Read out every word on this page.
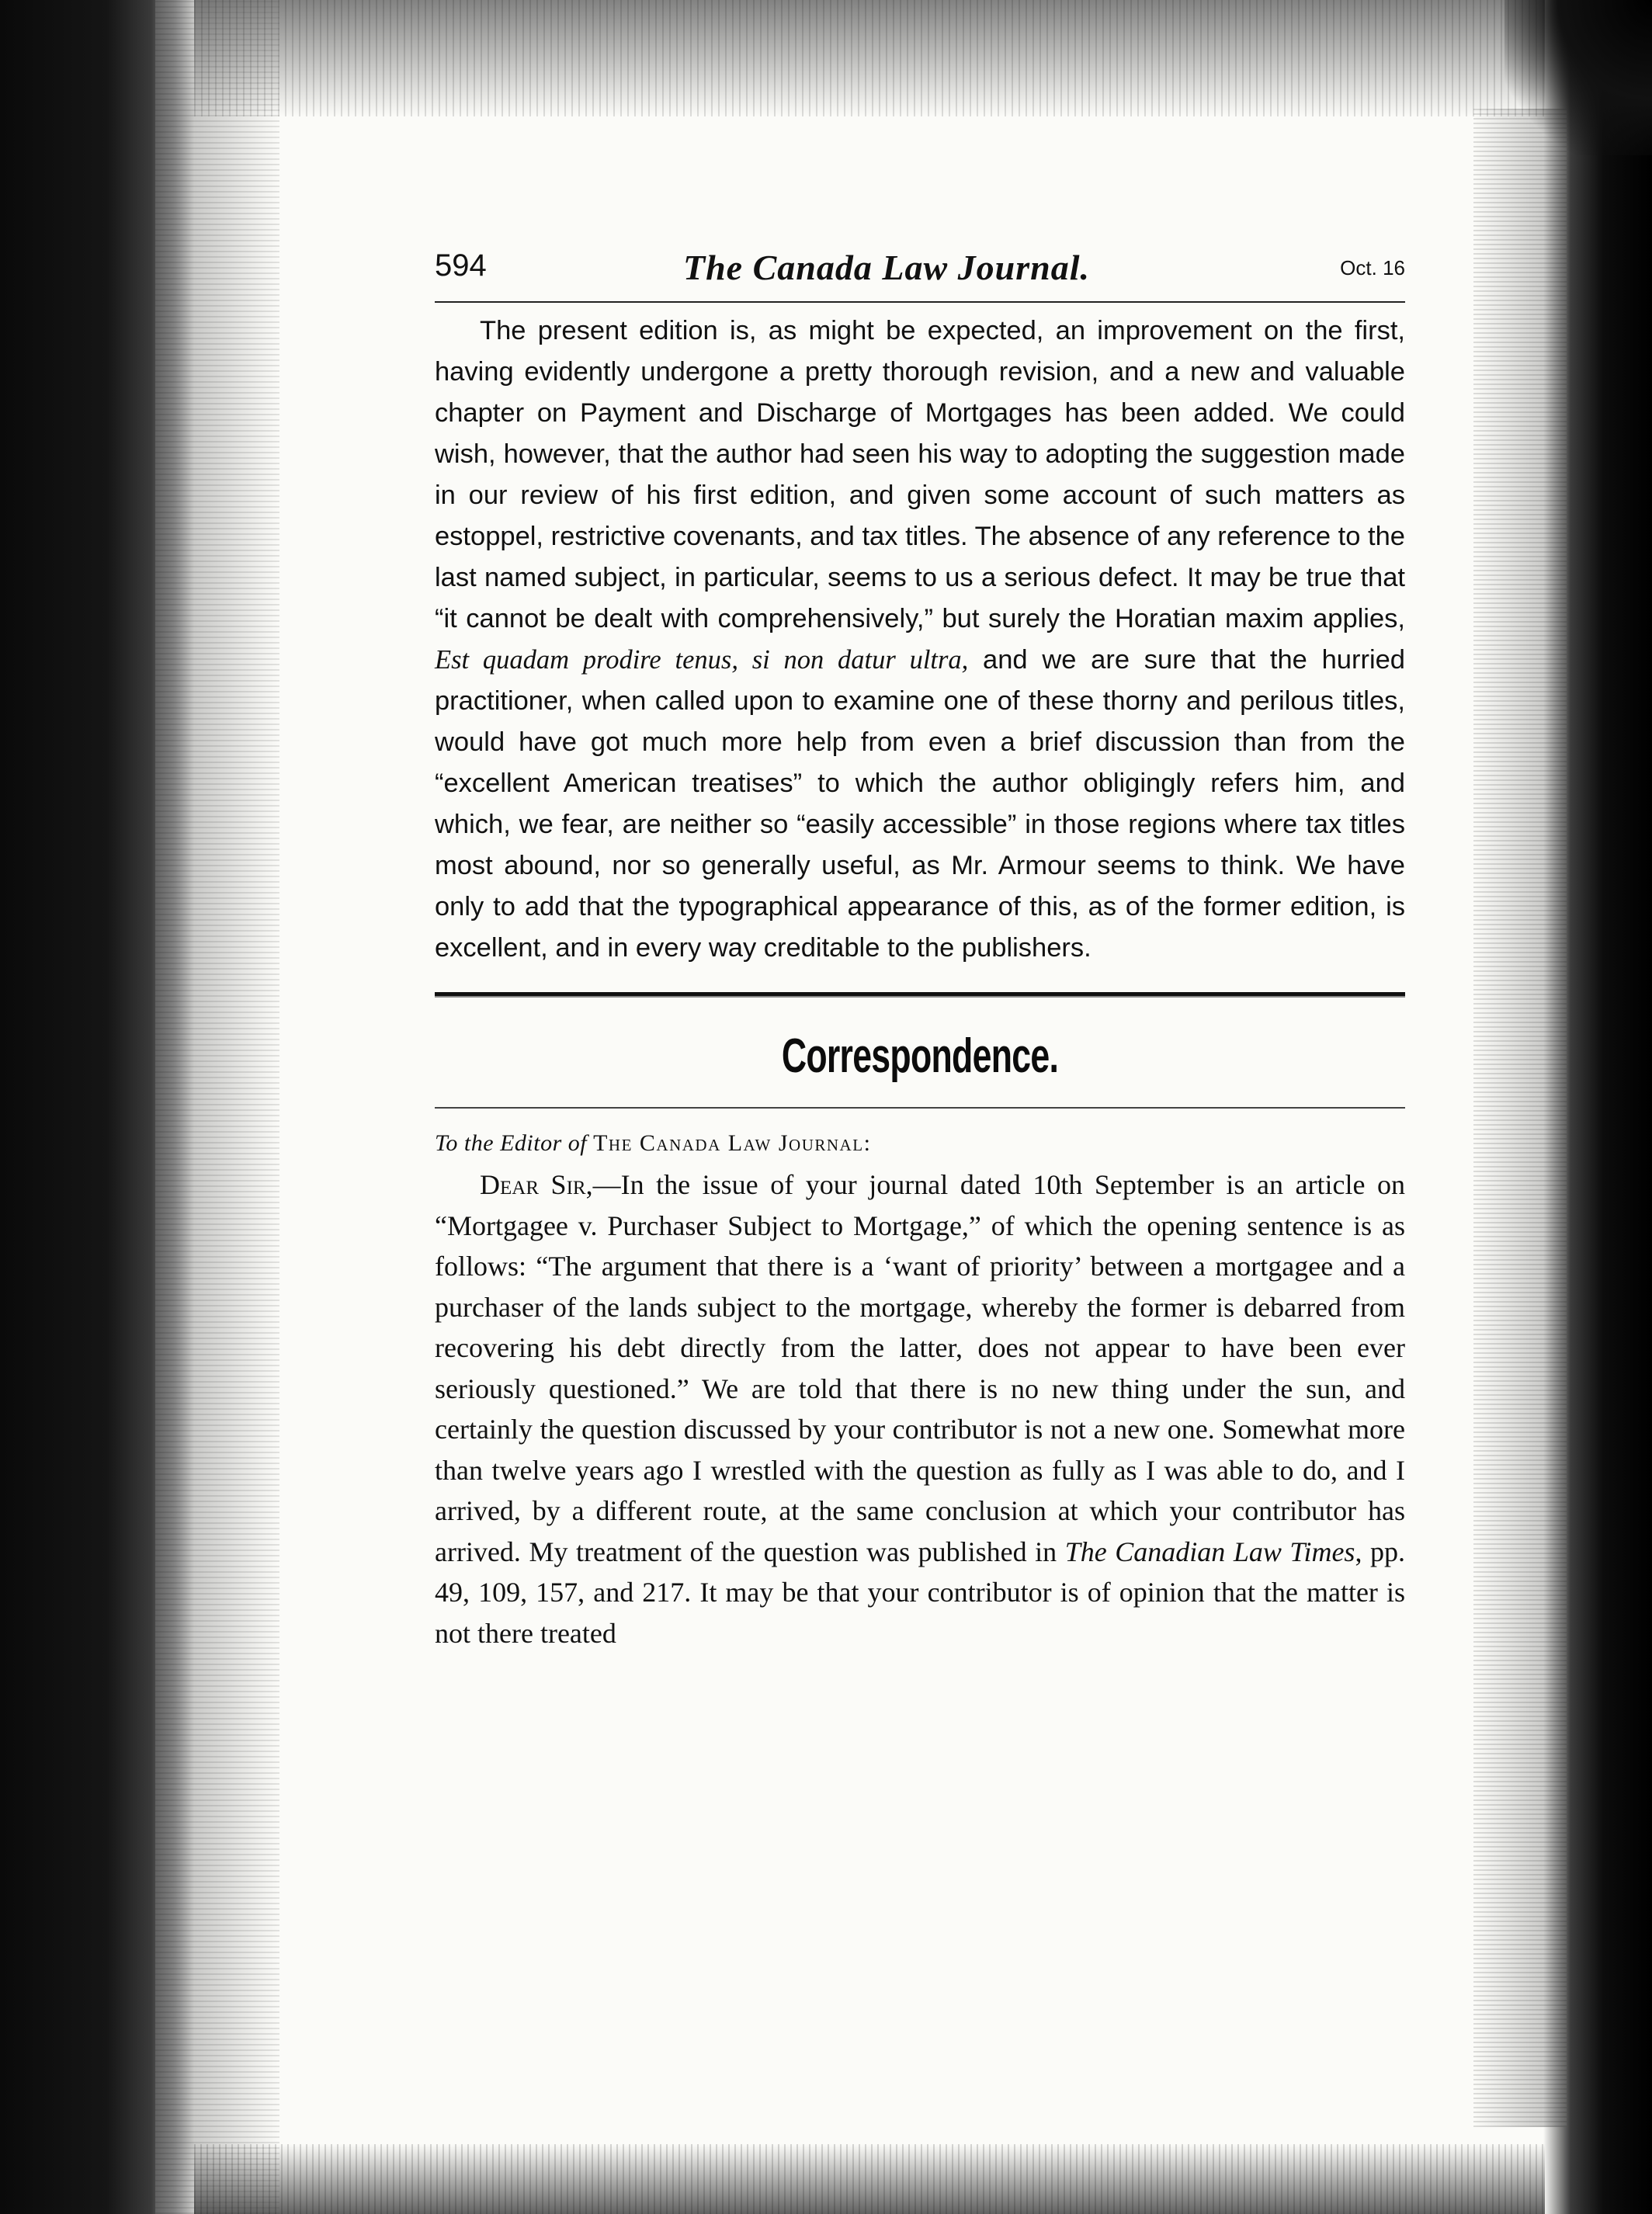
594	The Canada Law Journal.	Oct. 16

The present edition is, as might be expected, an improvement on the first, having evidently undergone a pretty thorough revision, and a new and valuable chapter on Payment and Discharge of Mortgages has been added. We could wish, however, that the author had seen his way to adopting the suggestion made in our review of his first edition, and given some account of such matters as estoppel, restrictive covenants, and tax titles. The absence of any reference to the last named subject, in particular, seems to us a serious defect. It may be true that “it cannot be dealt with comprehensively,” but surely the Horatian maxim applies, Est quadam prodire tenus, si non datur ultra, and we are sure that the hurried practitioner, when called upon to examine one of these thorny and perilous titles, would have got much more help from even a brief discussion than from the “excellent American treatises” to which the author obligingly refers him, and which, we fear, are neither so “easily accessible” in those regions where tax titles most abound, nor so generally useful, as Mr. Armour seems to think. We have only to add that the typographical appearance of this, as of the former edition, is excellent, and in every way creditable to the publishers.

Correspondence.

To the Editor of The Canada Law Journal:

Dear Sir,—In the issue of your journal dated 10th September is an article on “Mortgagee v. Purchaser Subject to Mortgage,” of which the opening sentence is as follows: “The argument that there is a ‘want of priority’ between a mortgagee and a purchaser of the lands subject to the mortgage, whereby the former is debarred from recovering his debt directly from the latter, does not appear to have been ever seriously questioned.” We are told that there is no new thing under the sun, and certainly the question discussed by your contributor is not a new one. Somewhat more than twelve years ago I wrestled with the question as fully as I was able to do, and I arrived, by a different route, at the same conclusion at which your contributor has arrived. My treatment of the question was published in The Canadian Law Times, pp. 49, 109, 157, and 217. It may be that your contributor is of opinion that the matter is not there treated
